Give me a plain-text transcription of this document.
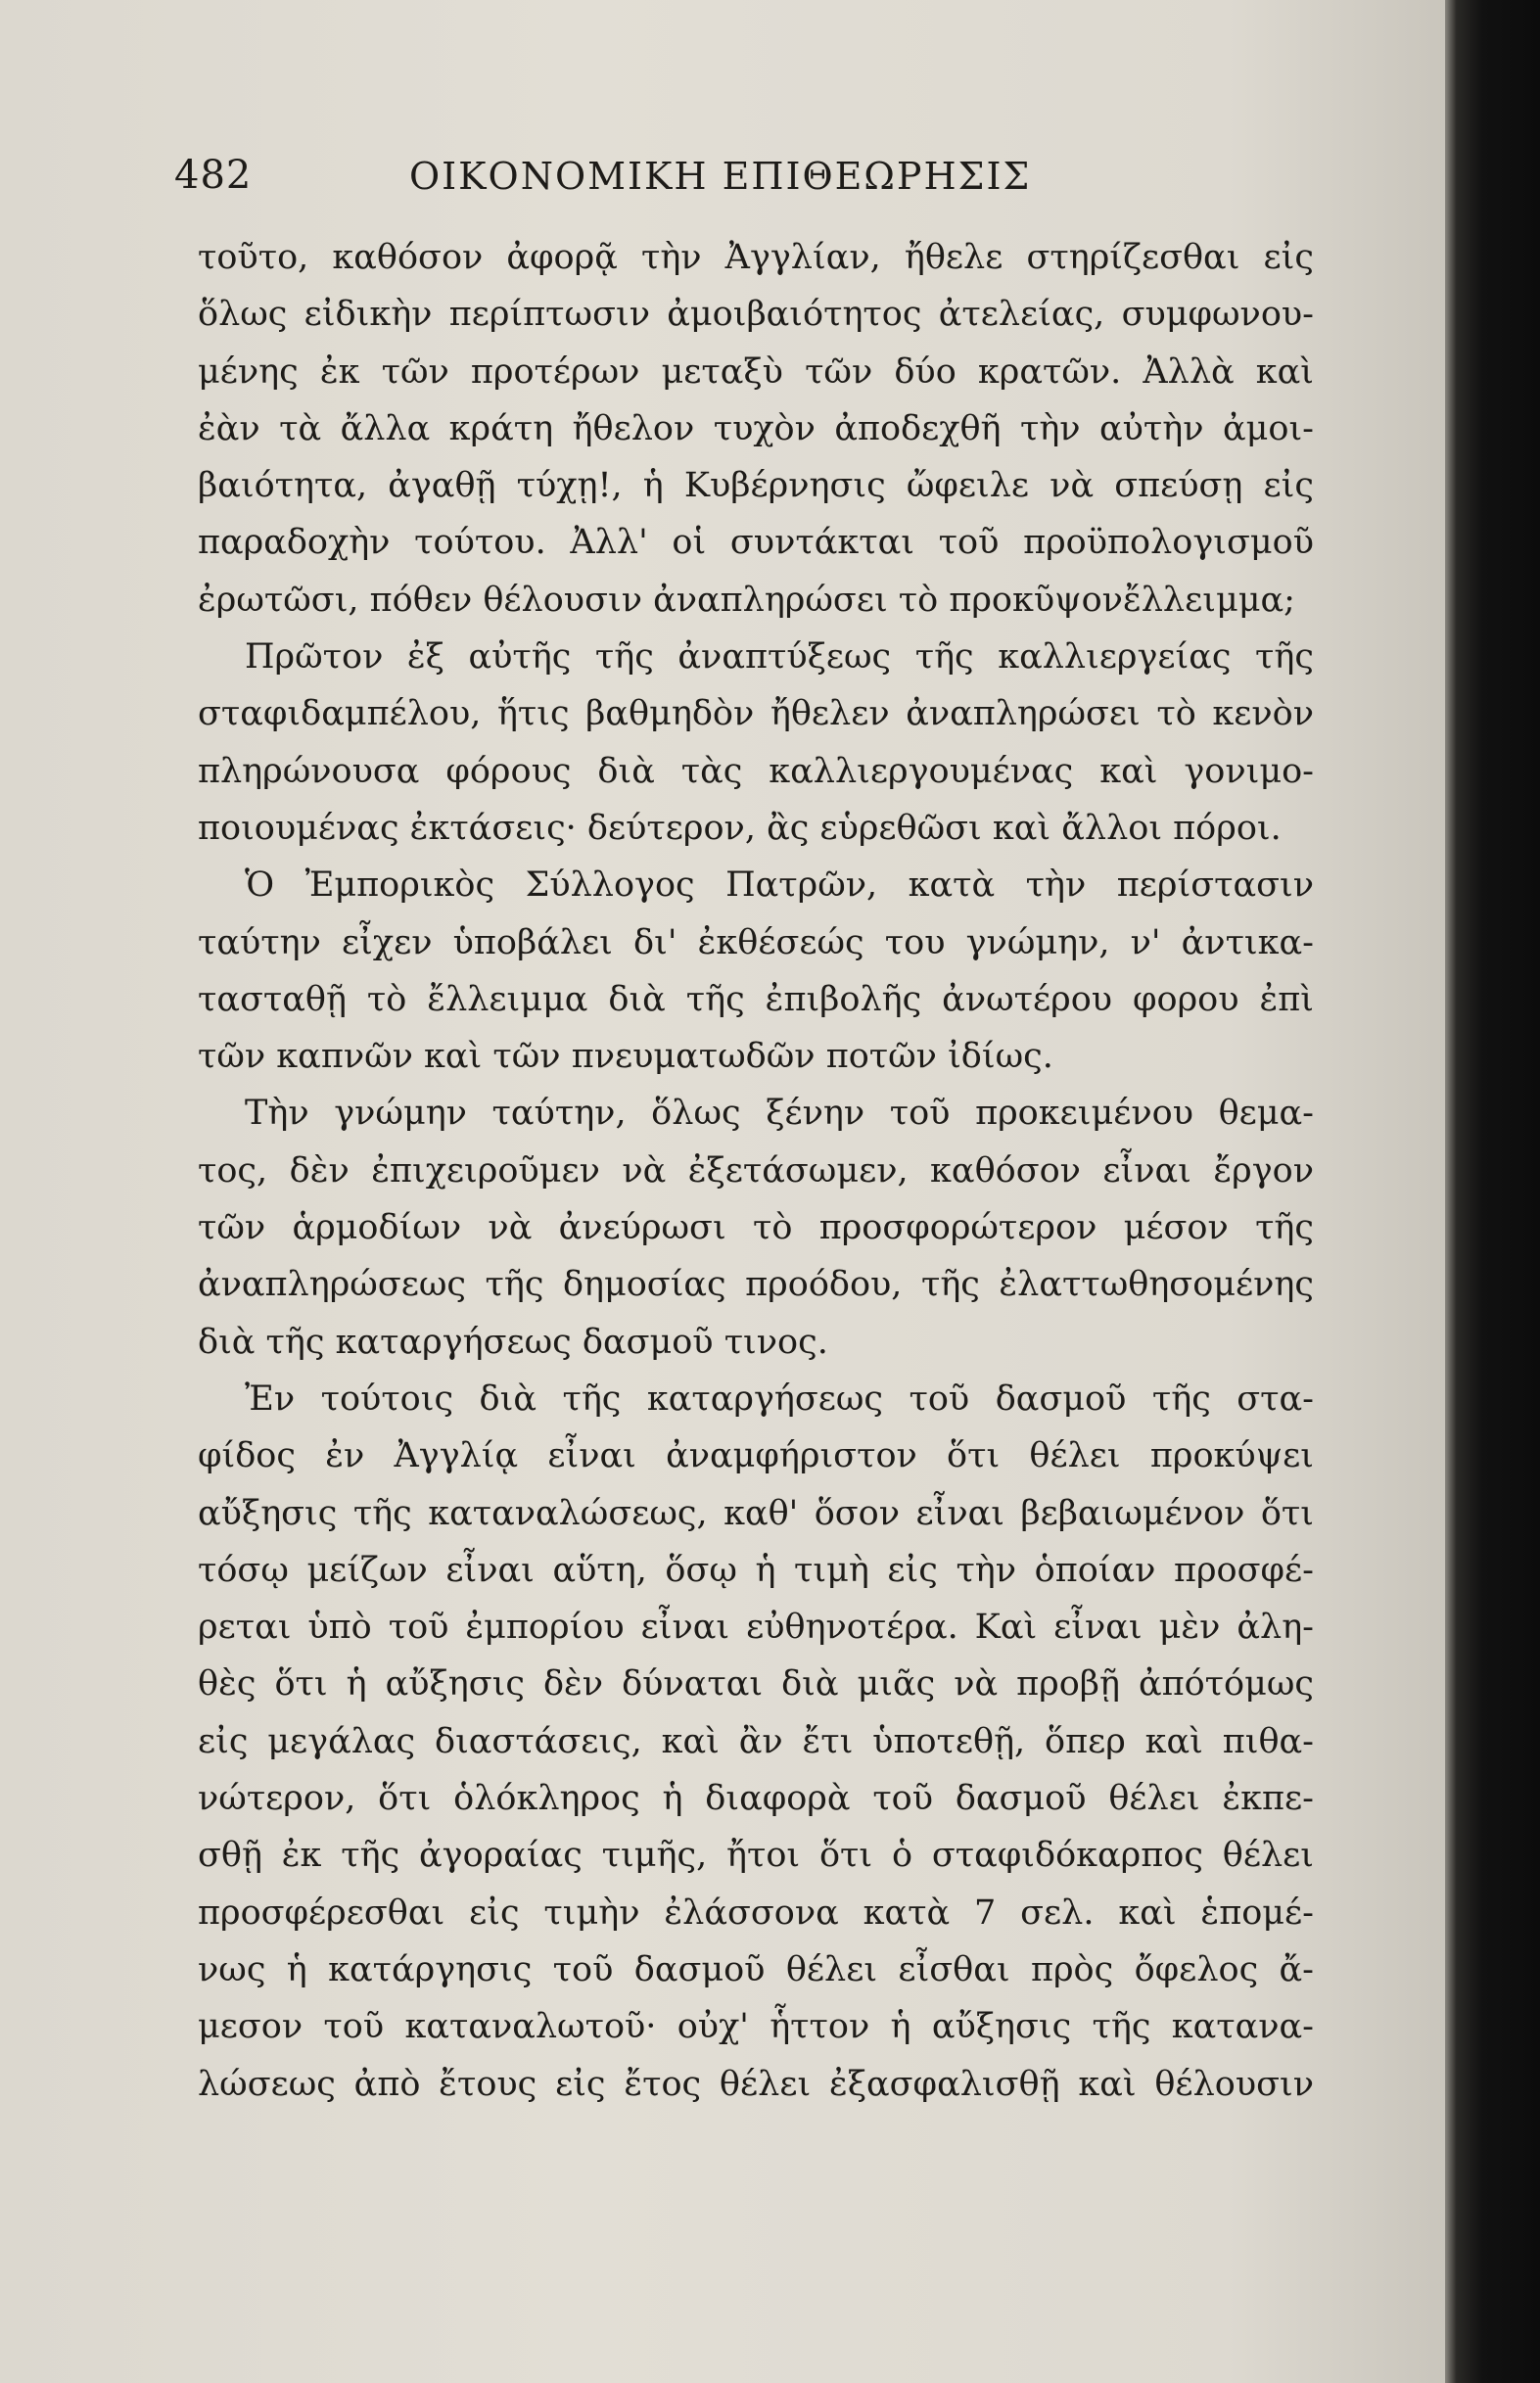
482	ΟΙΚΟΝΟΜΙΚΗ ΕΠΙΘΕΩΡΗΣΙΣ
τοῦτο, καθόσον ἀφορᾷ τὴν Ἀγγλίαν, ἤθελε στηρίζεσθαι εἰς
ὅλως εἰδικὴν περίπτωσιν ἀμοιβαιότητος ἀτελείας, συμφωνου-
μένης ἐκ τῶν προτέρων μεταξὺ τῶν δύο κρατῶν. Ἀλλὰ καὶ
ἐὰν τὰ ἄλλα κράτη ἤθελον τυχὸν ἀποδεχθῆ τὴν αὐτὴν ἀμοι-
βαιότητα, ἀγαθῇ τύχῃ!, ἡ Κυβέρνησις ὤφειλε νὰ σπεύσῃ εἰς
παραδοχὴν τούτου. Ἀλλ' οἱ συντάκται τοῦ προϋπολογισμοῦ
ἐρωτῶσι, πόθεν θέλουσιν ἀναπληρώσει τὸ προκῦψονἔλλειμμα;
Πρῶτον ἐξ αὐτῆς τῆς ἀναπτύξεως τῆς καλλιεργείας τῆς
σταφιδαμπέλου, ἥτις βαθμηδὸν ἤθελεν ἀναπληρώσει τὸ κενὸν
πληρώνουσα φόρους διὰ τὰς καλλιεργουμένας καὶ γονιμο-
ποιουμένας ἐκτάσεις· δεύτερον, ἂς εὑρεθῶσι καὶ ἄλλοι πόροι.
Ὁ Ἐμπορικὸς Σύλλογος Πατρῶν, κατὰ τὴν περίστασιν
ταύτην εἶχεν ὑποβάλει δι' ἐκθέσεώς του γνώμην, ν' ἀντικα-
τασταθῇ τὸ ἔλλειμμα διὰ τῆς ἐπιβολῆς ἀνωτέρου φορου ἐπὶ
τῶν καπνῶν καὶ τῶν πνευματωδῶν ποτῶν ἰδίως.
Τὴν γνώμην ταύτην, ὅλως ξένην τοῦ προκειμένου θεμα-
τος, δὲν ἐπιχειροῦμεν νὰ ἐξετάσωμεν, καθόσον εἶναι ἔργον
τῶν ἁρμοδίων νὰ ἀνεύρωσι τὸ προσφορώτερον μέσον τῆς
ἀναπληρώσεως τῆς δημοσίας προόδου, τῆς ἐλαττωθησομένης
διὰ τῆς καταργήσεως δασμοῦ τινος.
Ἐν τούτοις διὰ τῆς καταργήσεως τοῦ δασμοῦ τῆς στα-
φίδος ἐν Ἀγγλίᾳ εἶναι ἀναμφήριστον ὅτι θέλει προκύψει
αὔξησις τῆς καταναλώσεως, καθ' ὅσον εἶναι βεβαιωμένον ὅτι
τόσῳ μείζων εἶναι αὕτη, ὅσῳ ἡ τιμὴ εἰς τὴν ὁποίαν προσφέ-
ρεται ὑπὸ τοῦ ἐμπορίου εἶναι εὐθηνοτέρα. Καὶ εἶναι μὲν ἀλη-
θὲς ὅτι ἡ αὔξησις δὲν δύναται διὰ μιᾶς νὰ προβῇ ἀπότόμως
εἰς μεγάλας διαστάσεις, καὶ ἂν ἔτι ὑποτεθῇ, ὅπερ καὶ πιθα-
νώτερον, ὅτι ὁλόκληρος ἡ διαφορὰ τοῦ δασμοῦ θέλει ἐκπε-
σθῇ ἐκ τῆς ἀγοραίας τιμῆς, ἤτοι ὅτι ὁ σταφιδόκαρπος θέλει
προσφέρεσθαι εἰς τιμὴν ἐλάσσονα κατὰ 7 σελ. καὶ ἑπομέ-
νως ἡ κατάργησις τοῦ δασμοῦ θέλει εἶσθαι πρὸς ὄφελος ἄ-
μεσον τοῦ καταναλωτοῦ· οὐχ' ἧττον ἡ αὔξησις τῆς κατανα-
λώσεως ἀπὸ ἔτους εἰς ἔτος θέλει ἐξασφαλισθῇ καὶ θέλουσιν
